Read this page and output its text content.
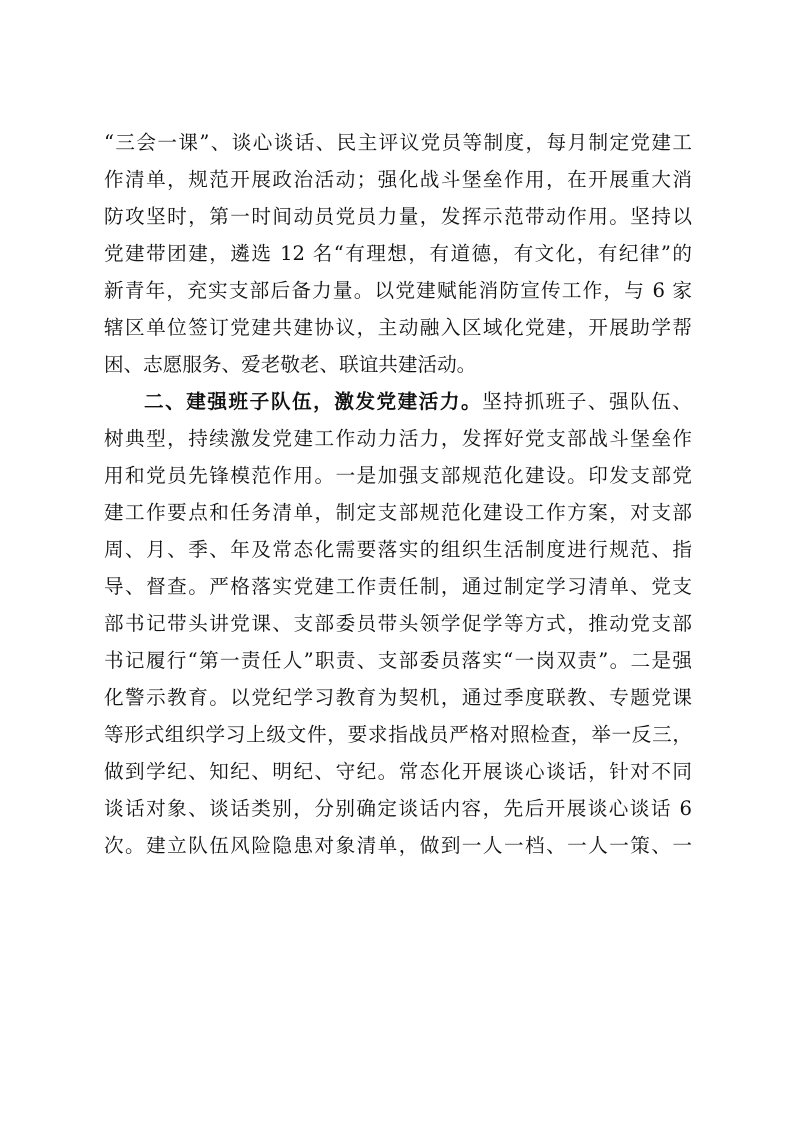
“三会一课”、谈心谈话、民主评议党员等制度，每月制定党建工
作清单，规范开展政治活动；强化战斗堡垒作用，在开展重大消
防攻坚时，第一时间动员党员力量，发挥示范带动作用。坚持以
党建带团建，遴选 12 名“有理想，有道德，有文化，有纪律”的
新青年，充实支部后备力量。以党建赋能消防宣传工作，与 6 家
辖区单位签订党建共建协议，主动融入区域化党建，开展助学帮
困、志愿服务、爱老敬老、联谊共建活动。
二、建强班子队伍，激发党建活力。坚持抓班子、强队伍、
树典型，持续激发党建工作动力活力，发挥好党支部战斗堡垒作
用和党员先锋模范作用。一是加强支部规范化建设。印发支部党
建工作要点和任务清单，制定支部规范化建设工作方案，对支部
周、月、季、年及常态化需要落实的组织生活制度进行规范、指
导、督查。严格落实党建工作责任制，通过制定学习清单、党支
部书记带头讲党课、支部委员带头领学促学等方式，推动党支部
书记履行“第一责任人”职责、支部委员落实“一岗双责”。二是强
化警示教育。以党纪学习教育为契机，通过季度联教、专题党课
等形式组织学习上级文件，要求指战员严格对照检查，举一反三，
做到学纪、知纪、明纪、守纪。常态化开展谈心谈话，针对不同
谈话对象、谈话类别，分别确定谈话内容，先后开展谈心谈话 6
次。建立队伍风险隐患对象清单，做到一人一档、一人一策、一
